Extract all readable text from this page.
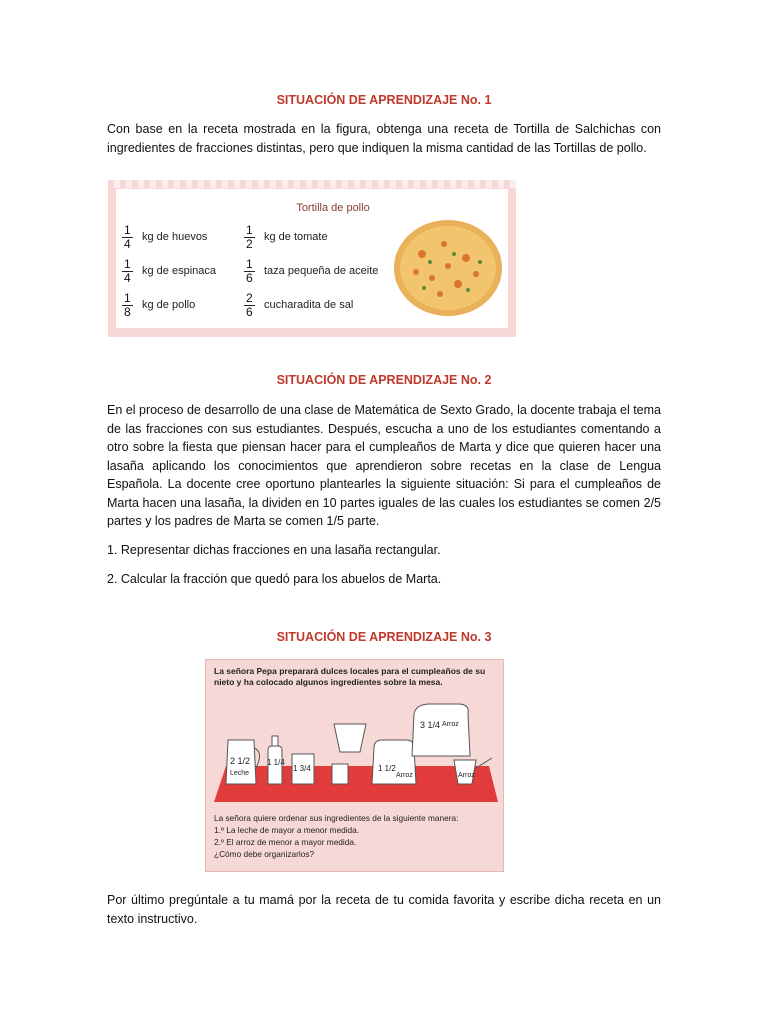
SITUACIÓN DE APRENDIZAJE No. 1
Con base en la receta mostrada en la figura, obtenga una receta de Tortilla de Salchichas con ingredientes de fracciones distintas, pero que indiquen la misma cantidad de las Tortillas de pollo.
Tortilla de pollo
$\frac{1}{4}$ kg de huevos
$\frac{1}{4}$ kg de espinaca
$\frac{1}{8}$ kg de pollo
$\frac{1}{2}$ kg de tomate
$\frac{1}{6}$ taza pequeña de aceite
$\frac{2}{6}$ cucharadita de sal
SITUACIÓN DE APRENDIZAJE No. 2
En el proceso de desarrollo de una clase de Matemática de Sexto Grado, la docente trabaja el tema de las fracciones con sus estudiantes. Después, escucha a uno de los estudiantes comentando a otro sobre la fiesta que piensan hacer para el cumpleaños de Marta y dice que quieren hacer una lasaña aplicando los conocimientos que aprendieron sobre recetas en la clase de Lengua Española. La docente cree oportuno plantearles la siguiente situación: Si para el cumpleaños de Marta hacen una lasaña, la dividen en 10 partes iguales de las cuales los estudiantes se comen 2/5 partes y los padres de Marta se comen 1/5 parte.
1. Representar dichas fracciones en una lasaña rectangular.
2. Calcular la fracción que quedó para los abuelos de Marta.
SITUACIÓN DE APRENDIZAJE No. 3
La señora Pepa preparará dulces locales para el cumpleaños de su nieto y ha colocado algunos ingredientes sobre la mesa.
2 1/2
Leche
1 1/4
1 3/4	1 1/2
Arroz
3 1/4 Arroz
Arroz
La señora quiere ordenar sus ingredientes de la siguiente manera:
1.º La leche de mayor a menor medida.
2.º El arroz de menor a mayor medida.
¿Cómo debe organizarlos?
Por último pregúntale a tu mamá por la receta de tu comida favorita y escribe dicha receta en un texto instructivo.
